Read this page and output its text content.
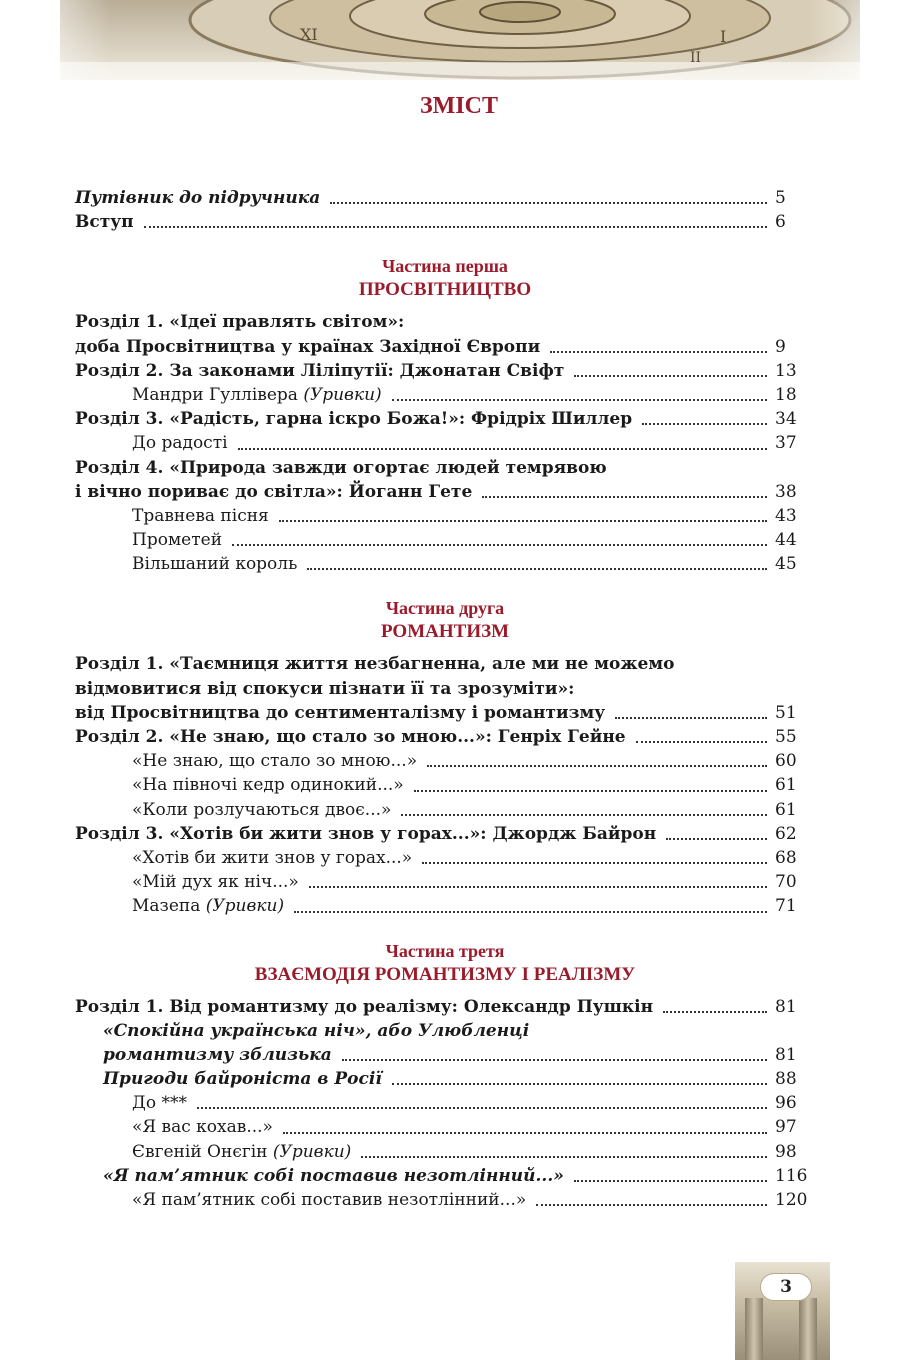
ЗМІСТ
Путівник до підручника	5
Вступ	6
Частина перша
ПРОСВІТНИЦТВО
Розділ 1. «Ідеї правлять світом»:
доба Просвітництва у країнах Західної Європи	9
Розділ 2. За законами Ліліпутії: Джонатан Свіфт	13
Мандри Гуллівера (Уривки)	18
Розділ 3. «Радість, гарна іскро Божа!»: Фрідріх Шиллер	34
До радості	37
Розділ 4. «Природа завжди огортає людей темрявою
і вічно пориває до світла»: Йоганн Гете	38
Травнева пісня	43
Прометей	44
Вільшаний король	45
Частина друга
РОМАНТИЗМ
Розділ 1. «Таємниця життя незбагненна, але ми не можемо
відмовитися від спокуси пізнати її та зрозуміти»:
від Просвітництва до сентименталізму і романтизму	51
Розділ 2. «Не знаю, що стало зо мною...»: Генріх Гейне	55
«Не знаю, що стало зо мною...»	60
«На півночі кедр одинокий...»	61
«Коли розлучаються двоє...»	61
Розділ 3. «Хотів би жити знов у горах...»: Джордж Байрон	62
«Хотів би жити знов у горах...»	68
«Мій дух як ніч...»	70
Мазепа (Уривки)	71
Частина третя
ВЗАЄМОДІЯ РОМАНТИЗМУ І РЕАЛІЗМУ
Розділ 1. Від романтизму до реалізму: Олександр Пушкін	81
«Спокійна українська ніч», або Улюбленці
романтизму зблизька	81
Пригоди байроніста в Росії	88
До ***	96
«Я вас кохав...»	97
Євгеній Онєгін (Уривки)	98
«Я пам’ятник собі поставив незотлінний...»	116
«Я пам’ятник собі поставив незотлінний...»	120
3
